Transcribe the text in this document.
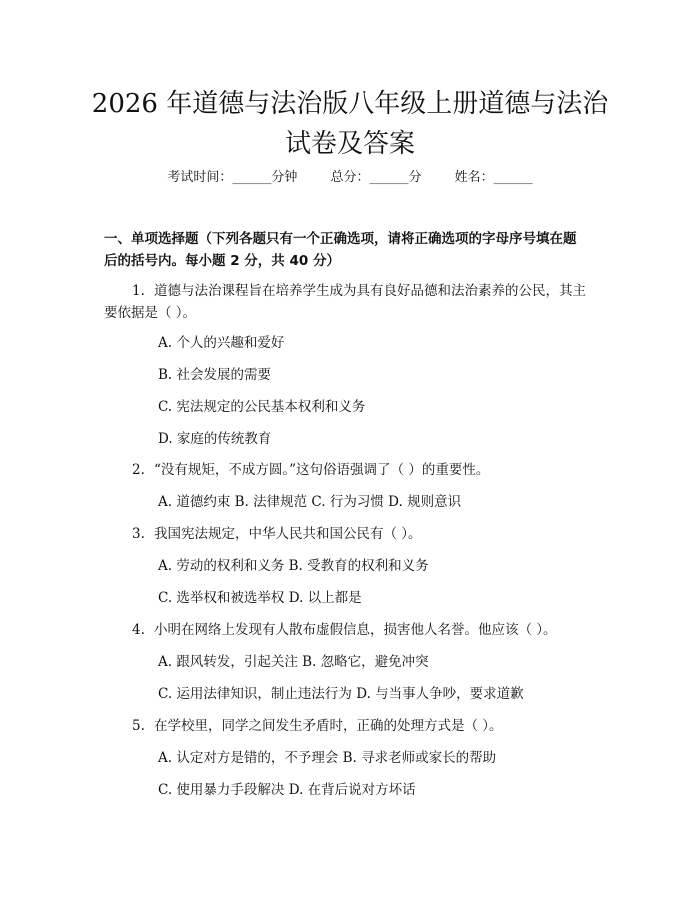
2026 年道德与法治版八年级上册道德与法治
试卷及答案
考试时间：______分钟	总分：______分	姓名：______
一、单项选择题（下列各题只有一个正确选项，请将正确选项的字母序号填在题
后的括号内。每小题 2 分，共 40 分）
1. 道德与法治课程旨在培养学生成为具有良好品德和法治素养的公民，其主
要依据是（ ）。
A. 个人的兴趣和爱好
B. 社会发展的需要
C. 宪法规定的公民基本权利和义务
D. 家庭的传统教育
2. “没有规矩，不成方圆。”这句俗语强调了（ ）的重要性。
A. 道德约束 B. 法律规范 C. 行为习惯 D. 规则意识
3. 我国宪法规定，中华人民共和国公民有（ ）。
A. 劳动的权利和义务 B. 受教育的权利和义务
C. 选举权和被选举权 D. 以上都是
4. 小明在网络上发现有人散布虚假信息，损害他人名誉。他应该（ ）。
A. 跟风转发，引起关注 B. 忽略它，避免冲突
C. 运用法律知识，制止违法行为 D. 与当事人争吵，要求道歉
5. 在学校里，同学之间发生矛盾时，正确的处理方式是（ ）。
A. 认定对方是错的，不予理会 B. 寻求老师或家长的帮助
C. 使用暴力手段解决 D. 在背后说对方坏话
